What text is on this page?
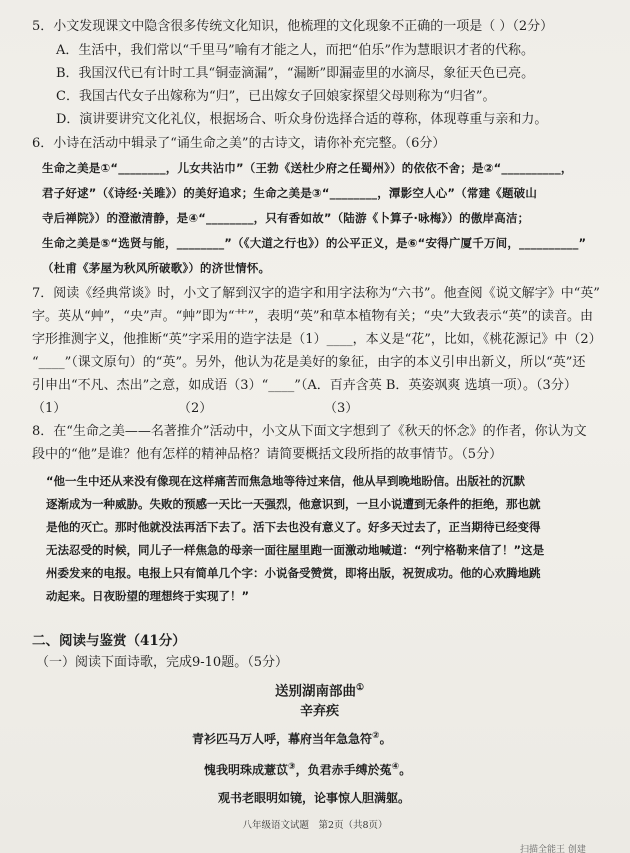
5．小文发现课文中隐含很多传统文化知识，他梳理的文化现象不正确的一项是（ ）（2分）

A．生活中，我们常以“千里马”喻有才能之人，而把“伯乐”作为慧眼识才者的代称。

B．我国汉代已有计时工具“铜壶滴漏”，“漏断”即漏壶里的水滴尽，象征天色已亮。

C．我国古代女子出嫁称为“归”，已出嫁女子回娘家探望父母则称为“归省”。

D．演讲要讲究文化礼仪，根据场合、听众身份选择合适的尊称，体现尊重与亲和力。

6．小诗在活动中辑录了“诵生命之美”的古诗文，请你补充完整。（6分）

生命之美是①“________，儿女共沾巾”（王勃《送杜少府之任蜀州》）的依依不舍；是②“__________，

君子好逑”（《诗经·关雎》）的美好追求；生命之美是③“________，潭影空人心”（常建《题破山

寺后禅院》）的澄澈清静，是④“________，只有香如故”（陆游《卜算子·咏梅》）的傲岸高洁；

生命之美是⑤“选贤与能，________”（《大道之行也》）的公平正义，是⑥“安得广厦千万间，__________”

（杜甫《茅屋为秋风所破歌》）的济世情怀。

7．阅读《经典常谈》时，小文了解到汉字的造字和用字法称为“六书”。他查阅《说文解字》中“英”

字。英从“艸”，“央”声。“艸”即为“艹”，表明“英”和草本植物有关；“央”大致表示“英”的读音。由

字形推测字义，他推断“英”字采用的造字法是（1）____，本义是“花”，比如，《桃花源记》中（2）

“____”（课文原句）的“英”。另外，他认为花是美好的象征，由字的本义引申出新义，所以“英”还

引申出“不凡、杰出”之意，如成语（3）“____”（A．百卉含英 B．英姿飒爽 选填一项）。（3分）

（1）	（2）	（3）

8．在“生命之美——名著推介”活动中，小文从下面文字想到了《秋天的怀念》的作者，你认为文

段中的“他”是谁？他有怎样的精神品格？请简要概括文段所指的故事情节。（5分）

“他一生中还从来没有像现在这样痛苦而焦急地等待过来信，他从早到晚地盼信。出版社的沉默

逐渐成为一种威胁。失败的预感一天比一天强烈，他意识到，一旦小说遭到无条件的拒绝，那也就

是他的灭亡。那时他就没法再活下去了。活下去也没有意义了。好多天过去了，正当期待已经变得

无法忍受的时候，同儿子一样焦急的母亲一面往屋里跑一面激动地喊道：“列宁格勒来信了！”这是

州委发来的电报。电报上只有简单几个字：小说备受赞赏，即将出版，祝贺成功。他的心欢腾地跳

动起来。日夜盼望的理想终于实现了！”

二、阅读与鉴赏（41分）

（一）阅读下面诗歌，完成9-10题。（5分）

送别湖南部曲①

辛弃疾

青衫匹马万人呼，幕府当年急急符②。

愧我明珠成薏苡③，负君赤手缚於菟④。

观书老眼明如镜，论事惊人胆满躯。

八年级语文试题　第2页（共8页）
扫描全能王 创建
